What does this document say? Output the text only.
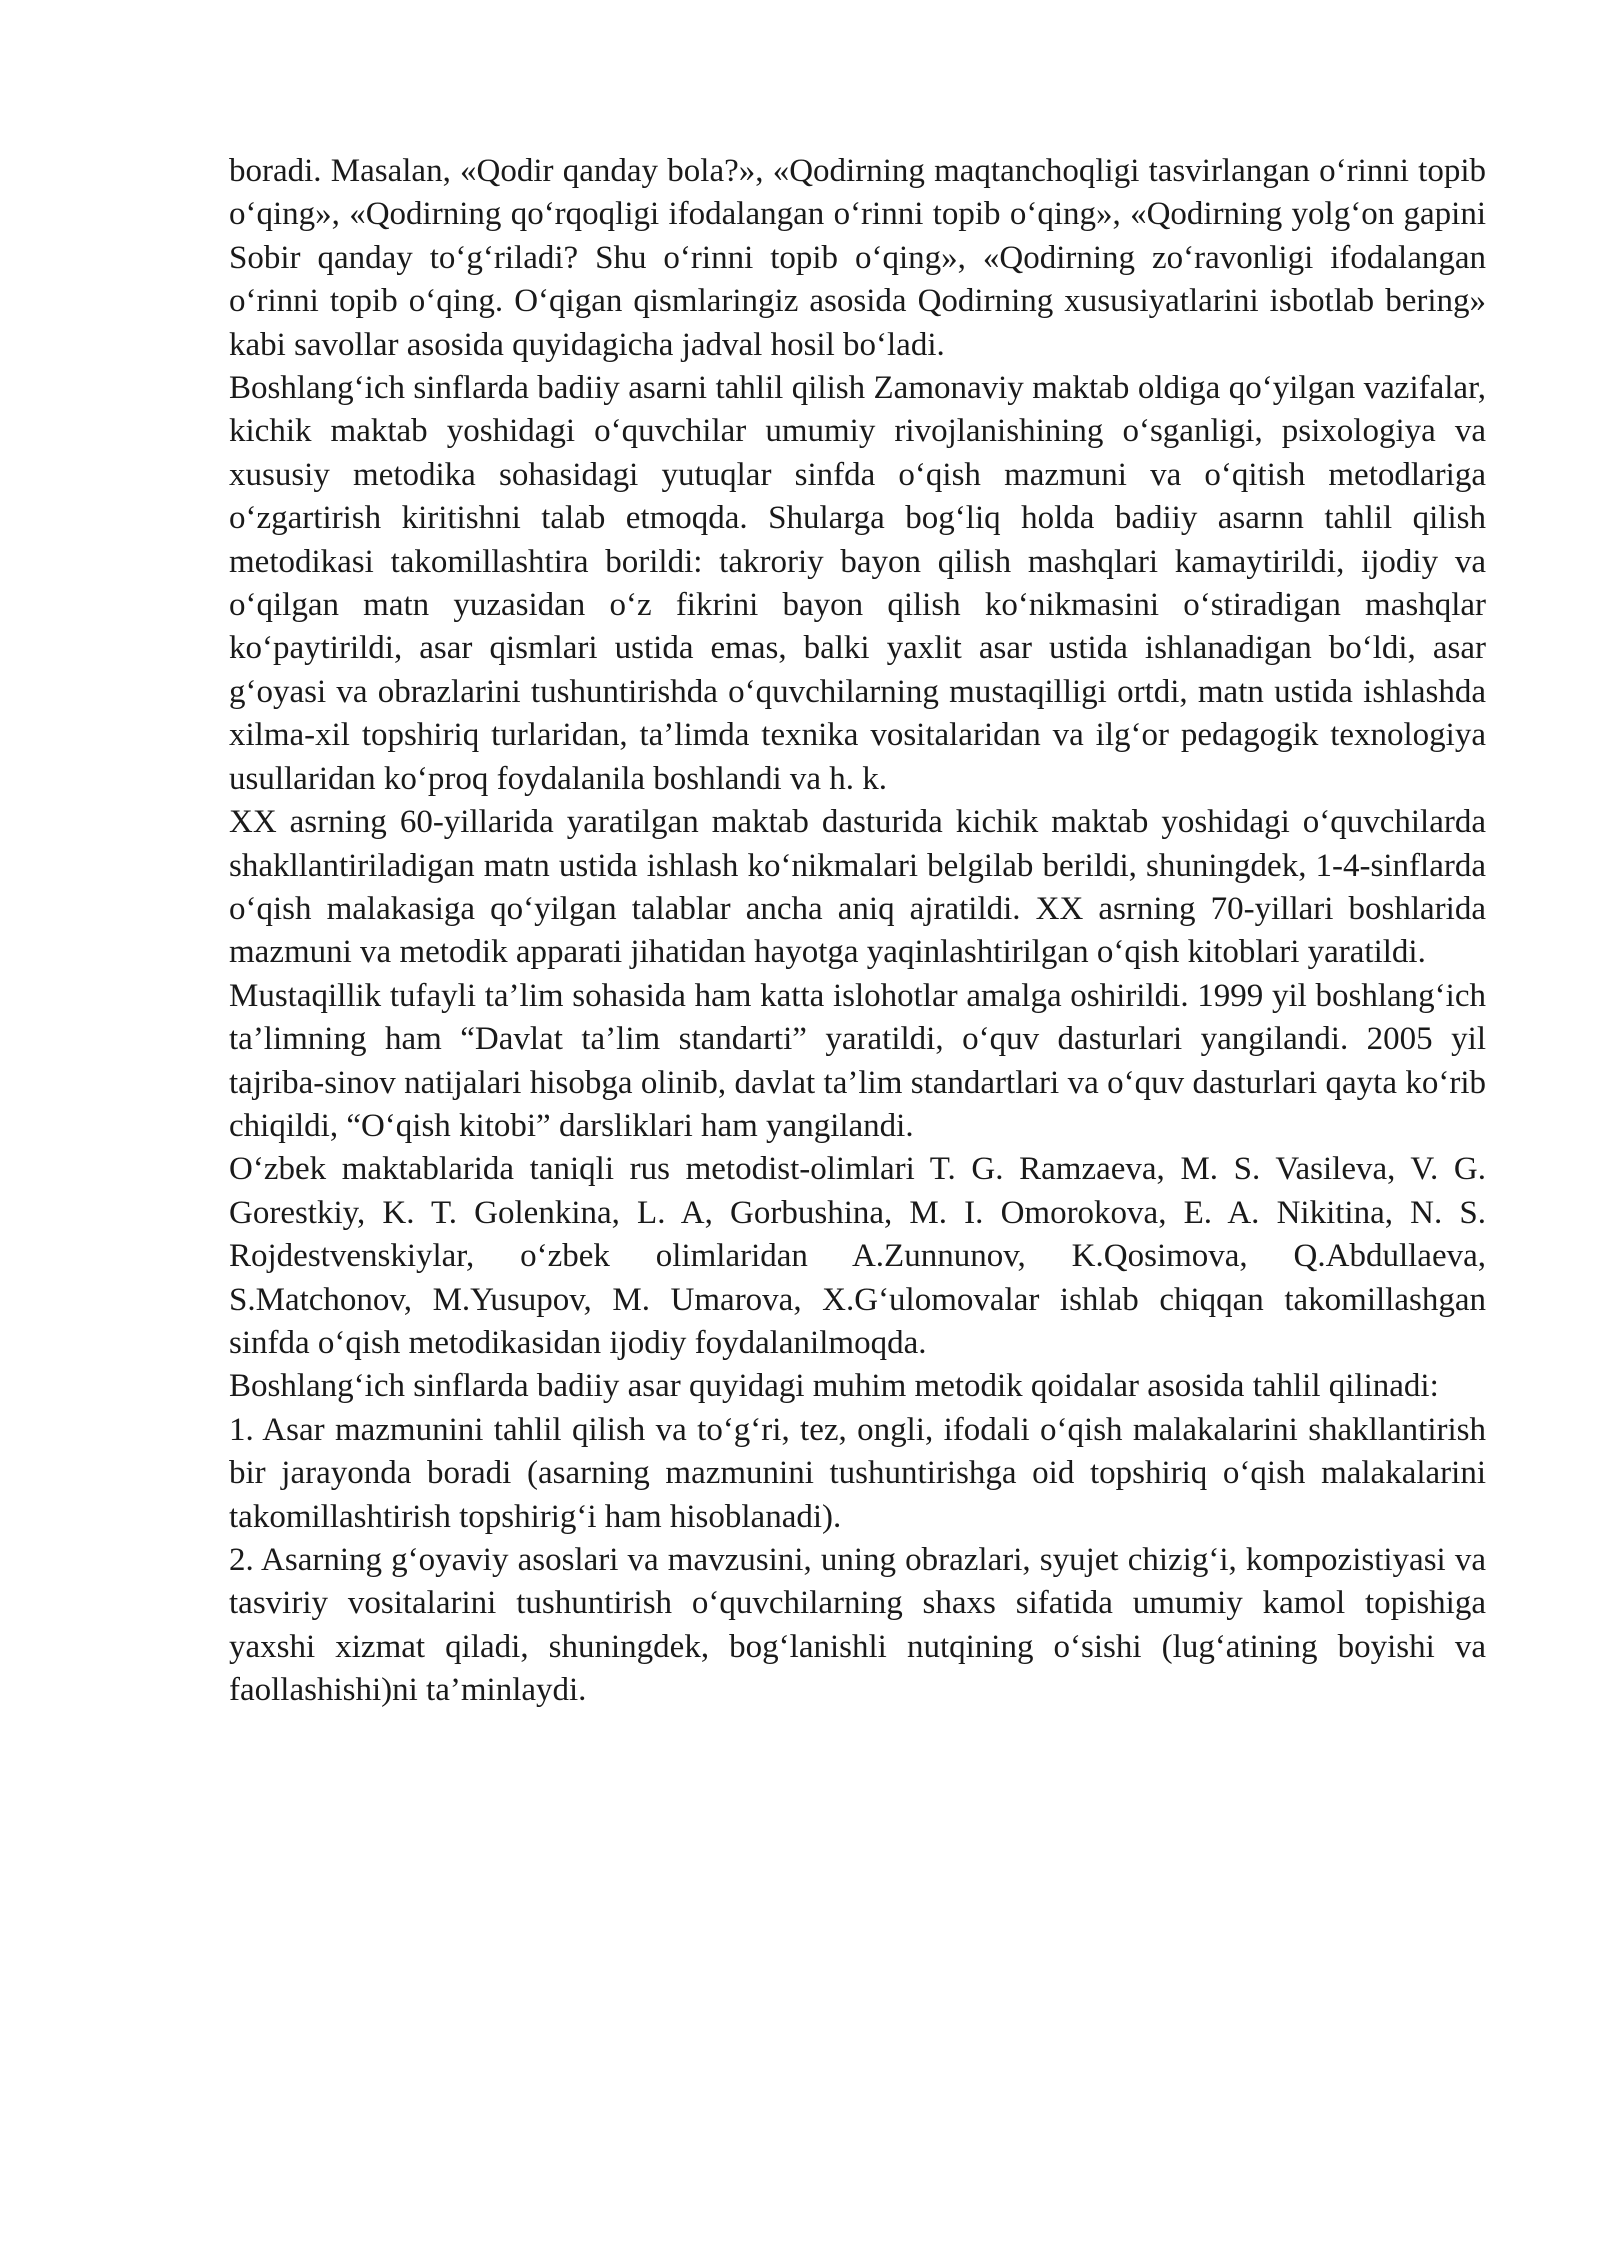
boradi. Masalan, «Qodir qanday bola?», «Qodirning maqtanchoqligi tasvirlangan o‘rinni topib o‘qing», «Qodirning qo‘rqoqligi ifodalangan o‘rinni topib o‘qing», «Qodirning yolg‘on gapini Sobir qanday to‘g‘riladi? Shu o‘rinni topib o‘qing», «Qodirning zo‘ravonligi ifodalangan o‘rinni topib o‘qing. O‘qigan qismlaringiz asosida Qodirning xususiyatlarini isbotlab bering» kabi savollar asosida quyidagicha jadval hosil bo‘ladi.

Boshlang‘ich sinflarda badiiy asarni tahlil qilish Zamonaviy maktab oldiga qo‘yilgan vazifalar, kichik maktab yoshidagi o‘quvchilar umumiy rivojlanishining o‘sganligi, psixologiya va xususiy metodika sohasidagi yutuqlar sinfda o‘qish mazmuni va o‘qitish metodlariga o‘zgartirish kiritishni talab etmoqda. Shularga bog‘liq holda badiiy asarnn tahlil qilish metodikasi takomillashtira borildi: takroriy bayon qilish mashqlari kamaytirildi, ijodiy va o‘qilgan matn yuzasidan o‘z fikrini bayon qilish ko‘nikmasini o‘stiradigan mashqlar ko‘paytirildi, asar qismlari ustida emas, balki yaxlit asar ustida ishlanadigan bo‘ldi, asar g‘oyasi va obrazlarini tushuntirishda o‘quvchilarning mustaqilligi ortdi, matn ustida ishlashda xilma-xil topshiriq turlaridan, ta’limda texnika vositalaridan va ilg‘or pedagogik texnologiya usullaridan ko‘proq foydalanila boshlandi va h. k.

XX asrning 60-yillarida yaratilgan maktab dasturida kichik maktab yoshidagi o‘quvchilarda shakllantiriladigan matn ustida ishlash ko‘nikmalari belgilab berildi, shuningdek, 1-4-sinflarda o‘qish malakasiga qo‘yilgan talablar ancha aniq ajratildi. XX asrning 70-yillari boshlarida mazmuni va metodik apparati jihatidan hayotga yaqinlashtirilgan o‘qish kitoblari yaratildi.

Mustaqillik tufayli ta’lim sohasida ham katta islohotlar amalga oshirildi. 1999 yil boshlang‘ich ta’limning ham “Davlat ta’lim standarti” yaratildi, o‘quv dasturlari yangilandi. 2005 yil tajriba-sinov natijalari hisobga olinib, davlat ta’lim standartlari va o‘quv dasturlari qayta ko‘rib chiqildi, “O‘qish kitobi” darsliklari ham yangilandi.

O‘zbek maktablarida taniqli rus metodist-olimlari T. G. Ramzaeva, M. S. Vasileva, V. G. Gorestkiy, K. T. Golenkina, L. A, Gorbushina, M. I. Omorokova, E. A. Nikitina, N. S. Rojdestvenskiylar, o‘zbek olimlaridan A.Zunnunov, K.Qosimova, Q.Abdullaeva, S.Matchonov, M.Yusupov, M. Umarova, X.G‘ulomovalar ishlab chiqqan takomillashgan sinfda o‘qish metodikasidan ijodiy foydalanilmoqda.

Boshlang‘ich sinflarda badiiy asar quyidagi muhim metodik qoidalar asosida tahlil qilinadi:

1. Asar mazmunini tahlil qilish va to‘g‘ri, tez, ongli, ifodali o‘qish malakalarini shakllantirish bir jarayonda boradi (asarning mazmunini tushuntirishga oid topshiriq o‘qish malakalarini takomillashtirish topshirig‘i ham hisoblanadi).

2. Asarning g‘oyaviy asoslari va mavzusini, uning obrazlari, syujet chizig‘i, kompozistiyasi va tasviriy vositalarini tushuntirish o‘quvchilarning shaxs sifatida umumiy kamol topishiga yaxshi xizmat qiladi, shuningdek, bog‘lanishli nutqining o‘sishi (lug‘atining boyishi va faollashishi)ni ta’minlaydi.
